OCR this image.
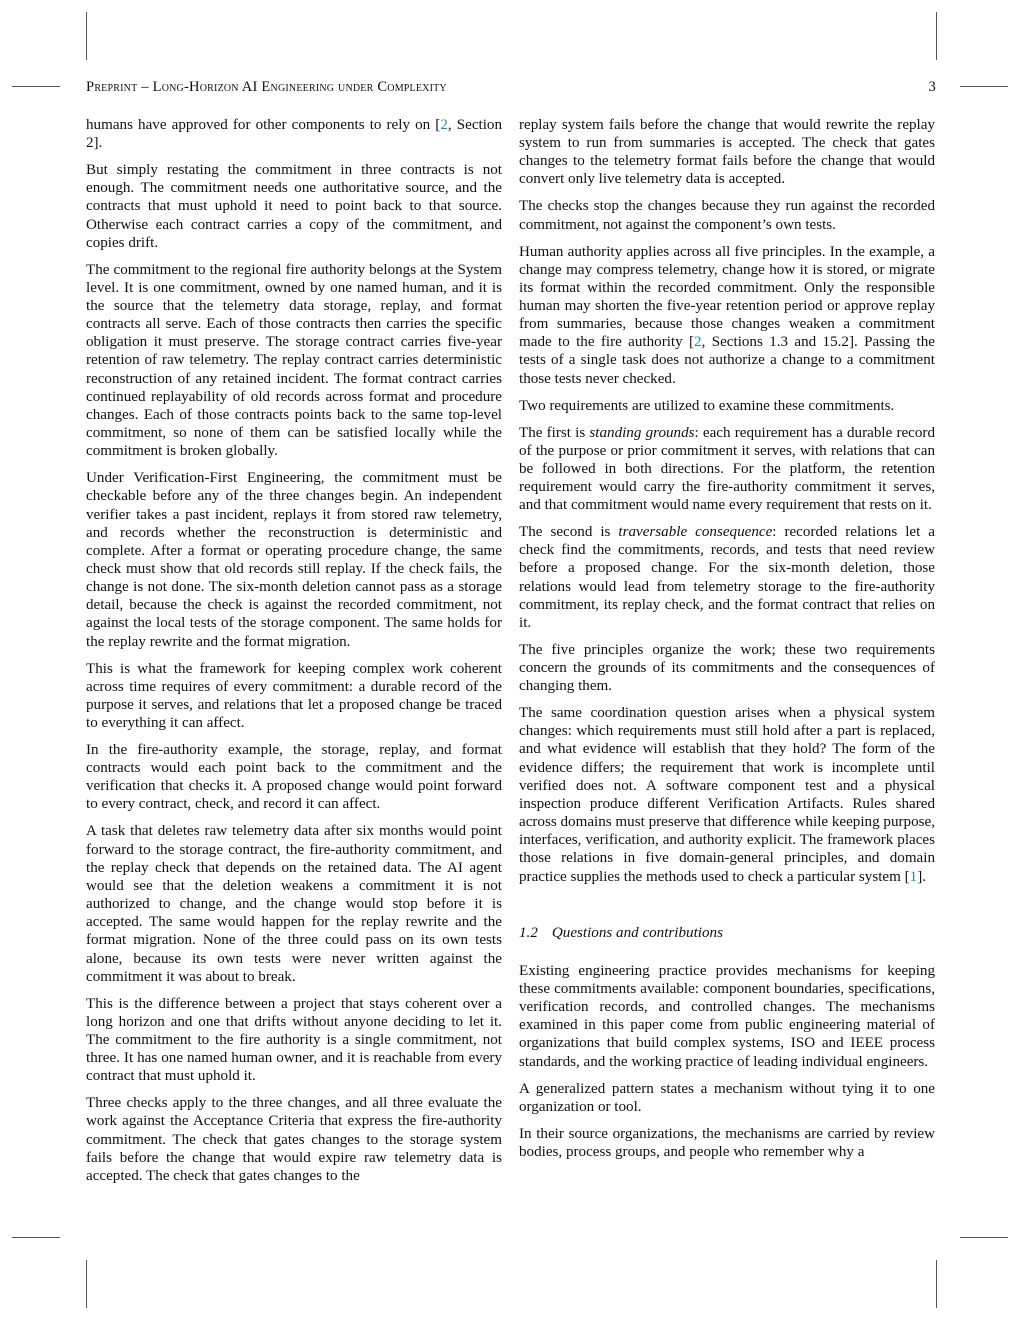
Preprint – Long-Horizon AI Engineering under Complexity	3

humans have approved for other components to rely on [2, Section 2].

But simply restating the commitment in three contracts is not enough. The commitment needs one authoritative source, and the contracts that must uphold it need to point back to that source. Otherwise each contract carries a copy of the commitment, and copies drift.

The commitment to the regional fire authority belongs at the System level. It is one commitment, owned by one named human, and it is the source that the telemetry data storage, replay, and format contracts all serve. Each of those contracts then carries the specific obligation it must preserve. The storage contract carries five-year retention of raw telemetry. The replay contract carries deterministic reconstruction of any retained incident. The format contract carries continued replayability of old records across format and procedure changes. Each of those contracts points back to the same top-level commitment, so none of them can be satisfied locally while the commitment is broken globally.

Under Verification-First Engineering, the commitment must be checkable before any of the three changes begin. An independent verifier takes a past incident, replays it from stored raw telemetry, and records whether the reconstruction is deterministic and complete. After a format or operating procedure change, the same check must show that old records still replay. If the check fails, the change is not done. The six-month deletion cannot pass as a storage detail, because the check is against the recorded commitment, not against the local tests of the storage component. The same holds for the replay rewrite and the format migration.

This is what the framework for keeping complex work coherent across time requires of every commitment: a durable record of the purpose it serves, and relations that let a proposed change be traced to everything it can affect.

In the fire-authority example, the storage, replay, and format contracts would each point back to the commitment and the verification that checks it. A proposed change would point forward to every contract, check, and record it can affect.

A task that deletes raw telemetry data after six months would point forward to the storage contract, the fire-authority commitment, and the replay check that depends on the retained data. The AI agent would see that the deletion weakens a commitment it is not authorized to change, and the change would stop before it is accepted. The same would happen for the replay rewrite and the format migration. None of the three could pass on its own tests alone, because its own tests were never written against the commitment it was about to break.

This is the difference between a project that stays coherent over a long horizon and one that drifts without anyone deciding to let it. The commitment to the fire authority is a single commitment, not three. It has one named human owner, and it is reachable from every contract that must uphold it.

Three checks apply to the three changes, and all three evaluate the work against the Acceptance Criteria that express the fire-authority commitment. The check that gates changes to the storage system fails before the change that would expire raw telemetry data is accepted. The check that gates changes to the

replay system fails before the change that would rewrite the replay system to run from summaries is accepted. The check that gates changes to the telemetry format fails before the change that would convert only live telemetry data is accepted.

The checks stop the changes because they run against the recorded commitment, not against the component’s own tests.

Human authority applies across all five principles. In the example, a change may compress telemetry, change how it is stored, or migrate its format within the recorded commitment. Only the responsible human may shorten the five-year retention period or approve replay from summaries, because those changes weaken a commitment made to the fire authority [2, Sections 1.3 and 15.2]. Passing the tests of a single task does not authorize a change to a commitment those tests never checked.

Two requirements are utilized to examine these commitments.

The first is standing grounds: each requirement has a durable record of the purpose or prior commitment it serves, with relations that can be followed in both directions. For the platform, the retention requirement would carry the fire-authority commitment it serves, and that commitment would name every requirement that rests on it.

The second is traversable consequence: recorded relations let a check find the commitments, records, and tests that need review before a proposed change. For the six-month deletion, those relations would lead from telemetry storage to the fire-authority commitment, its replay check, and the format contract that relies on it.

The five principles organize the work; these two requirements concern the grounds of its commitments and the consequences of changing them.

The same coordination question arises when a physical system changes: which requirements must still hold after a part is replaced, and what evidence will establish that they hold? The form of the evidence differs; the requirement that work is incomplete until verified does not. A software component test and a physical inspection produce different Verification Artifacts. Rules shared across domains must preserve that difference while keeping purpose, interfaces, verification, and authority explicit. The framework places those relations in five domain-general principles, and domain practice supplies the methods used to check a particular system [1].

1.2 Questions and contributions

Existing engineering practice provides mechanisms for keeping these commitments available: component boundaries, specifications, verification records, and controlled changes. The mechanisms examined in this paper come from public engineering material of organizations that build complex systems, ISO and IEEE process standards, and the working practice of leading individual engineers.

A generalized pattern states a mechanism without tying it to one organization or tool.

In their source organizations, the mechanisms are carried by review bodies, process groups, and people who remember why a
